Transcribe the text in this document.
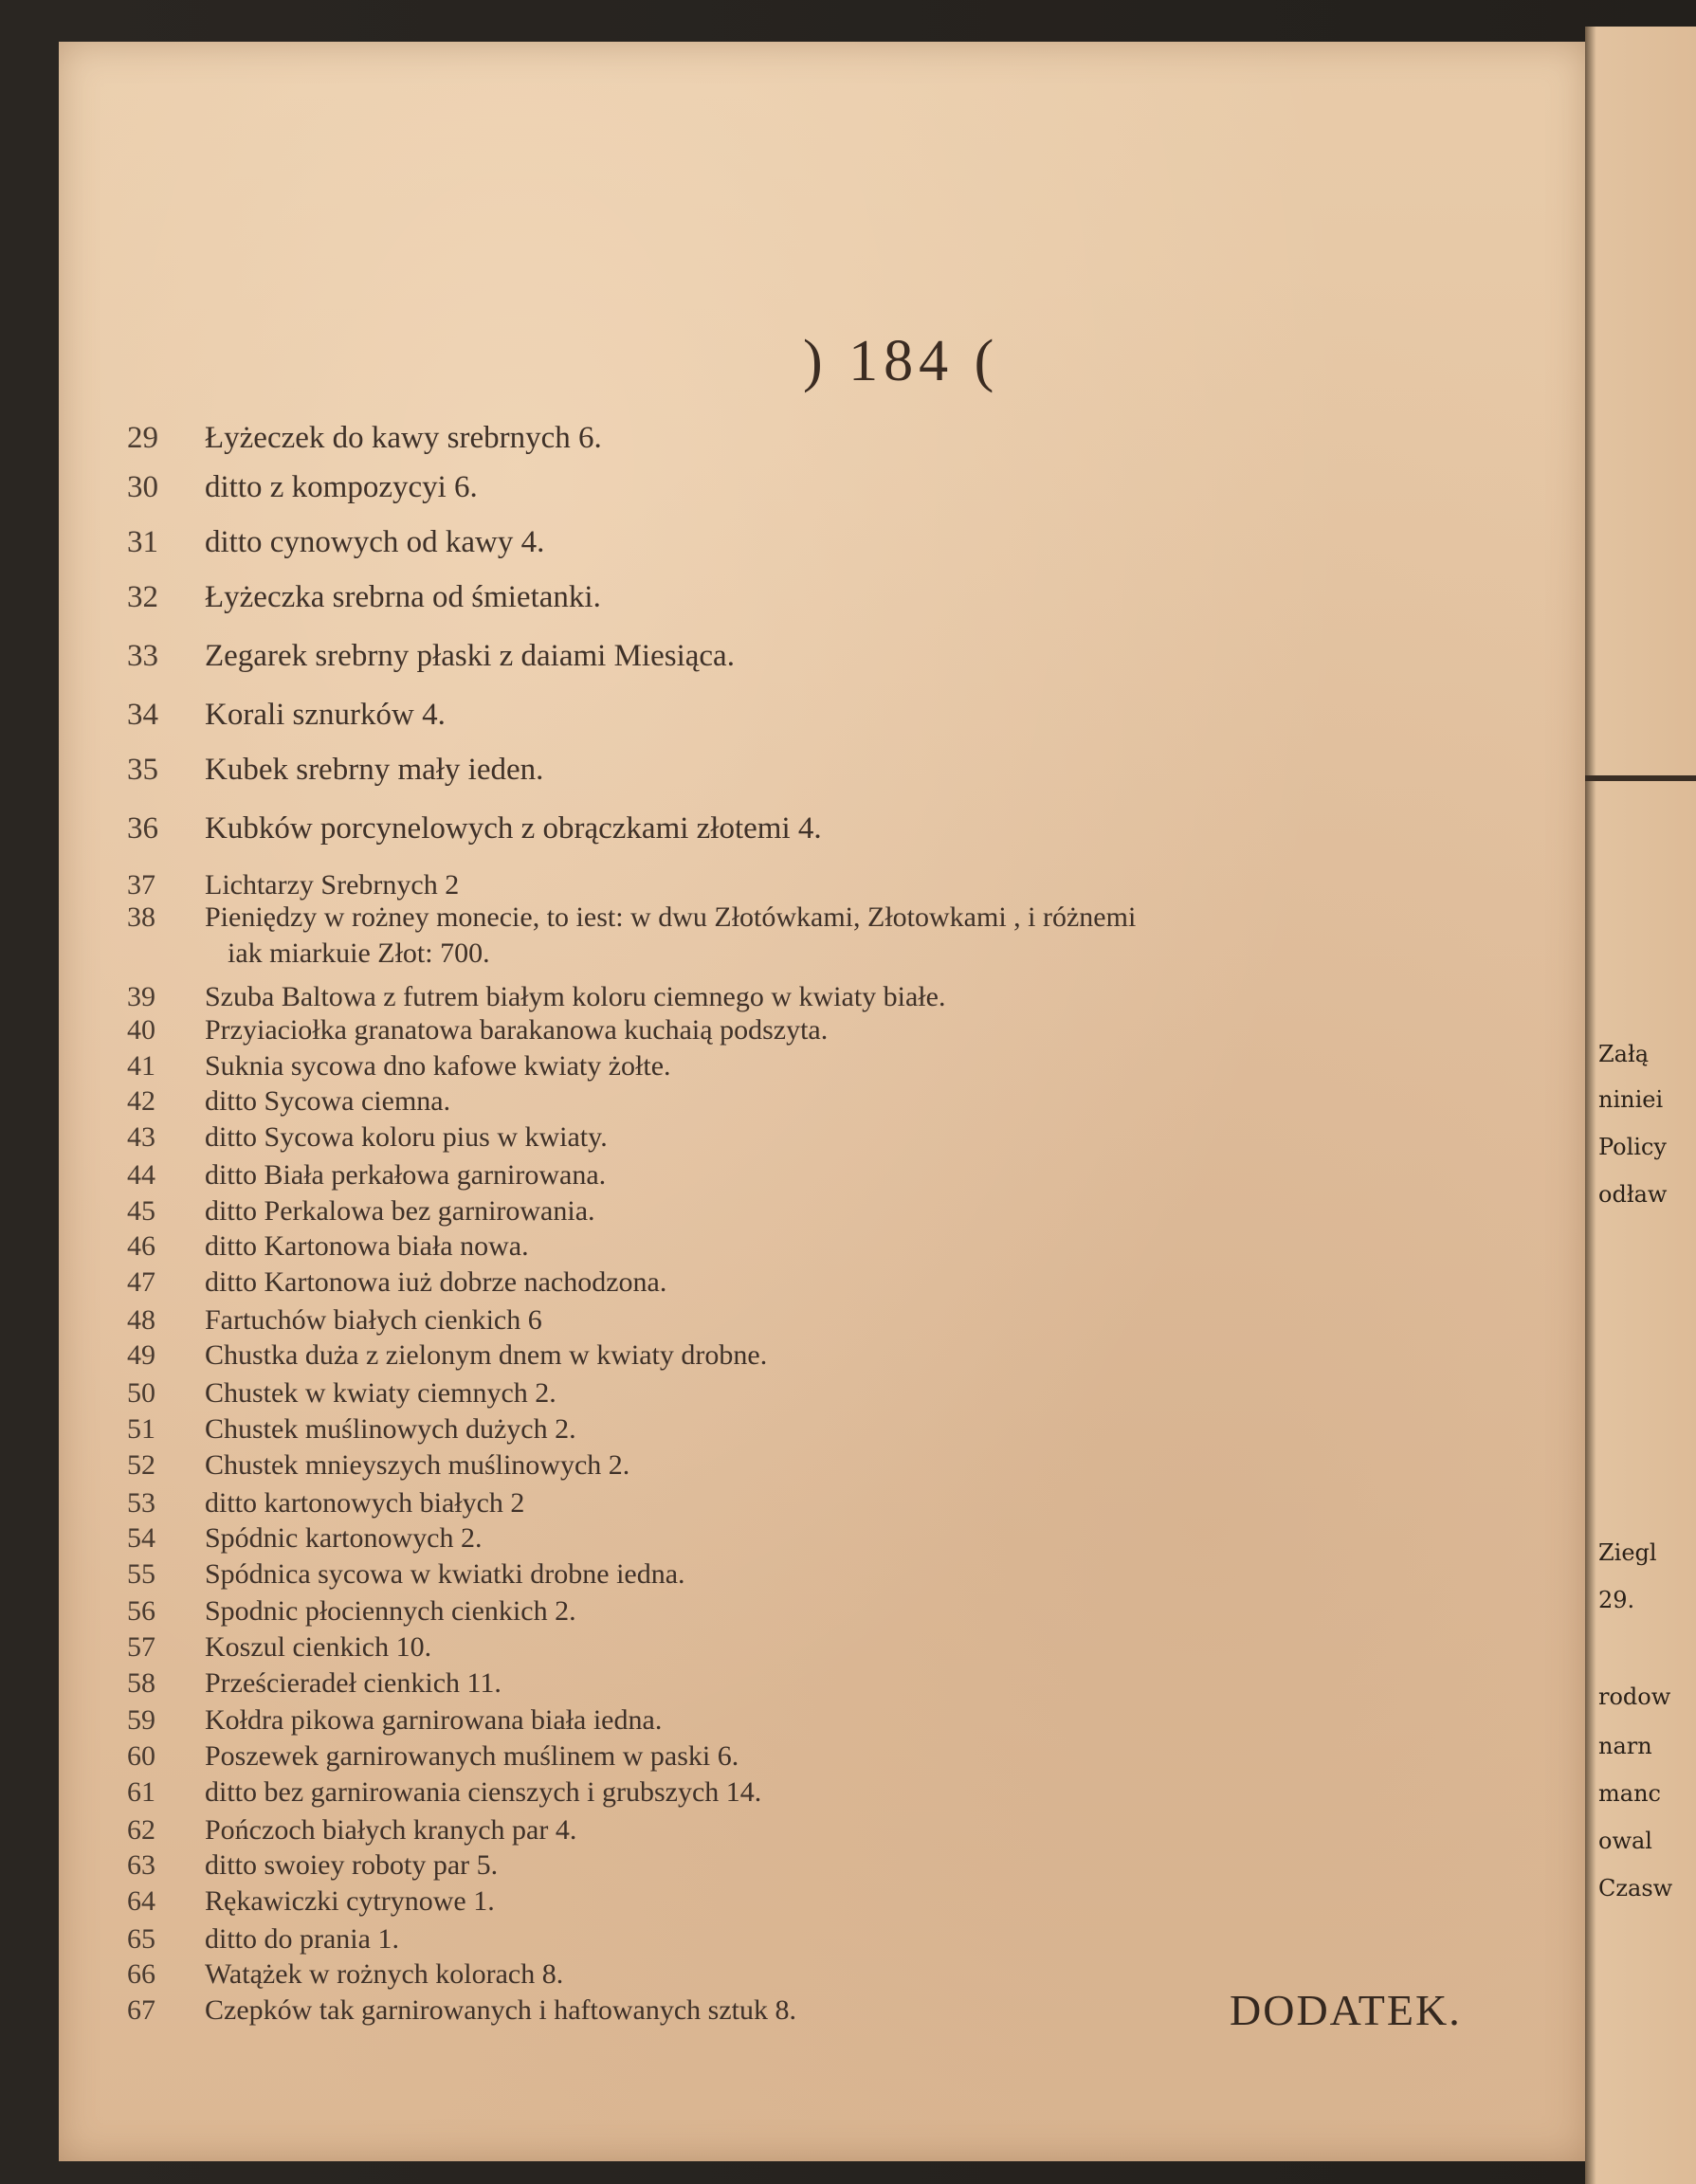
) 184 (
29 Łyżeczek do kawy srebrnych 6.
30 ditto z kompozycyi 6.
31 ditto cynowych od kawy 4.
32 Łyżeczka srebrna od śmietanki.
33 Zegarek srebrny płaski z daiami Miesiąca.
34 Korali sznurków 4.
35 Kubek srebrny mały ieden.
36 Kubków porcynelowych z obrączkami złotemi 4.
37 Lichtarzy Srebrnych 2
38 Pieniędzy w rożney monecie, to iest: w dwu Złotówkami, Złotowkami , i różnemi
39 Szuba Baltowa z futrem białym koloru ciemnego w kwiaty białe.
40 Przyiaciołka granatowa barakanowa kuchaią podszyta.
41 Suknia sycowa dno kafowe kwiaty żołte.
42 ditto Sycowa ciemna.
43 ditto Sycowa koloru pius w kwiaty.
44 ditto Biała perkałowa garnirowana.
45 ditto Perkalowa bez garnirowania.
46 ditto Kartonowa biała nowa.
47 ditto Kartonowa iuż dobrze nachodzona.
48 Fartuchów białych cienkich 6
49 Chustka duża z zielonym dnem w kwiaty drobne.
50 Chustek w kwiaty ciemnych 2.
51 Chustek muślinowych dużych 2.
52 Chustek mnieyszych muślinowych 2.
53 ditto kartonowych białych 2
54 Spódnic kartonowych 2.
55 Spódnica sycowa w kwiatki drobne iedna.
56 Spodnic płociennych cienkich 2.
57 Koszul cienkich 10.
58 Prześcieradeł cienkich 11.
59 Kołdra pikowa garnirowana biała iedna.
60 Poszewek garnirowanych muślinem w paski 6.
61 ditto bez garnirowania cienszych i grubszych 14.
62 Pończoch białych kranych par 4.
63 ditto swoiey roboty par 5.
64 Rękawiczki cytrynowe 1.
65 ditto do prania 1.
66 Watążek w rożnych kolorach 8.
67 Czepków tak garnirowanych i haftowanych sztuk 8.
iak miarkuie Złot: 700.
DODATEK.
Załą
niniei
Policy
odław
Ziegl
29.
rodow
narn
manc
owal
Czasw
